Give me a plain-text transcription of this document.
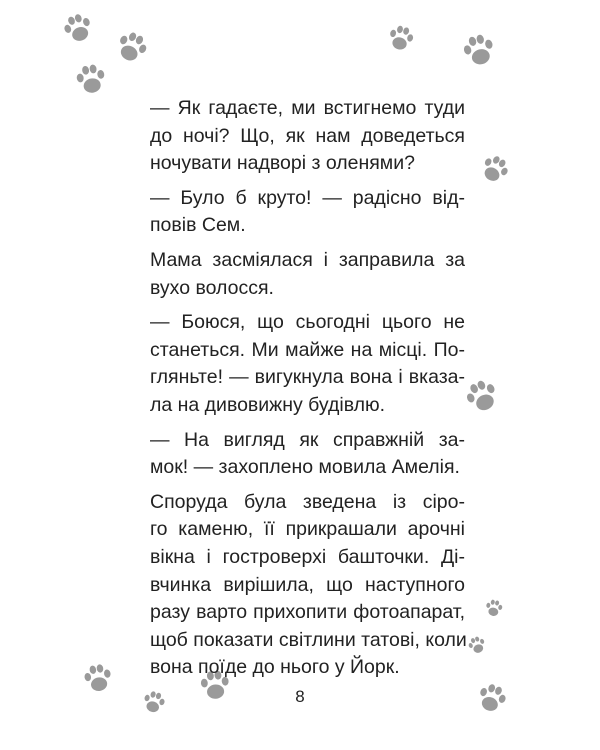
— Як гадаєте, ми встигнемо туди
до ночі? Що, як нам доведеться
ночувати надворі з оленями?
— Було б круто! — радісно від-
повів Сем.
Мама засміялася і заправила за
вухо волосся.
— Боюся, що сьогодні цього не
станеться. Ми майже на місці. По-
гляньте! — вигукнула вона і вказа-
ла на дивовижну будівлю.
— На вигляд як справжній за-
мок! — захоплено мовила Амелія.
Споруда була зведена із сіро-
го каменю, її прикрашали арочні
вікна і гостроверхі башточки. Ді-
вчинка вирішила, що наступного
разу варто прихопити фотоапарат,
щоб показати світлини татові, коли
вона поїде до нього у Йорк.
8
